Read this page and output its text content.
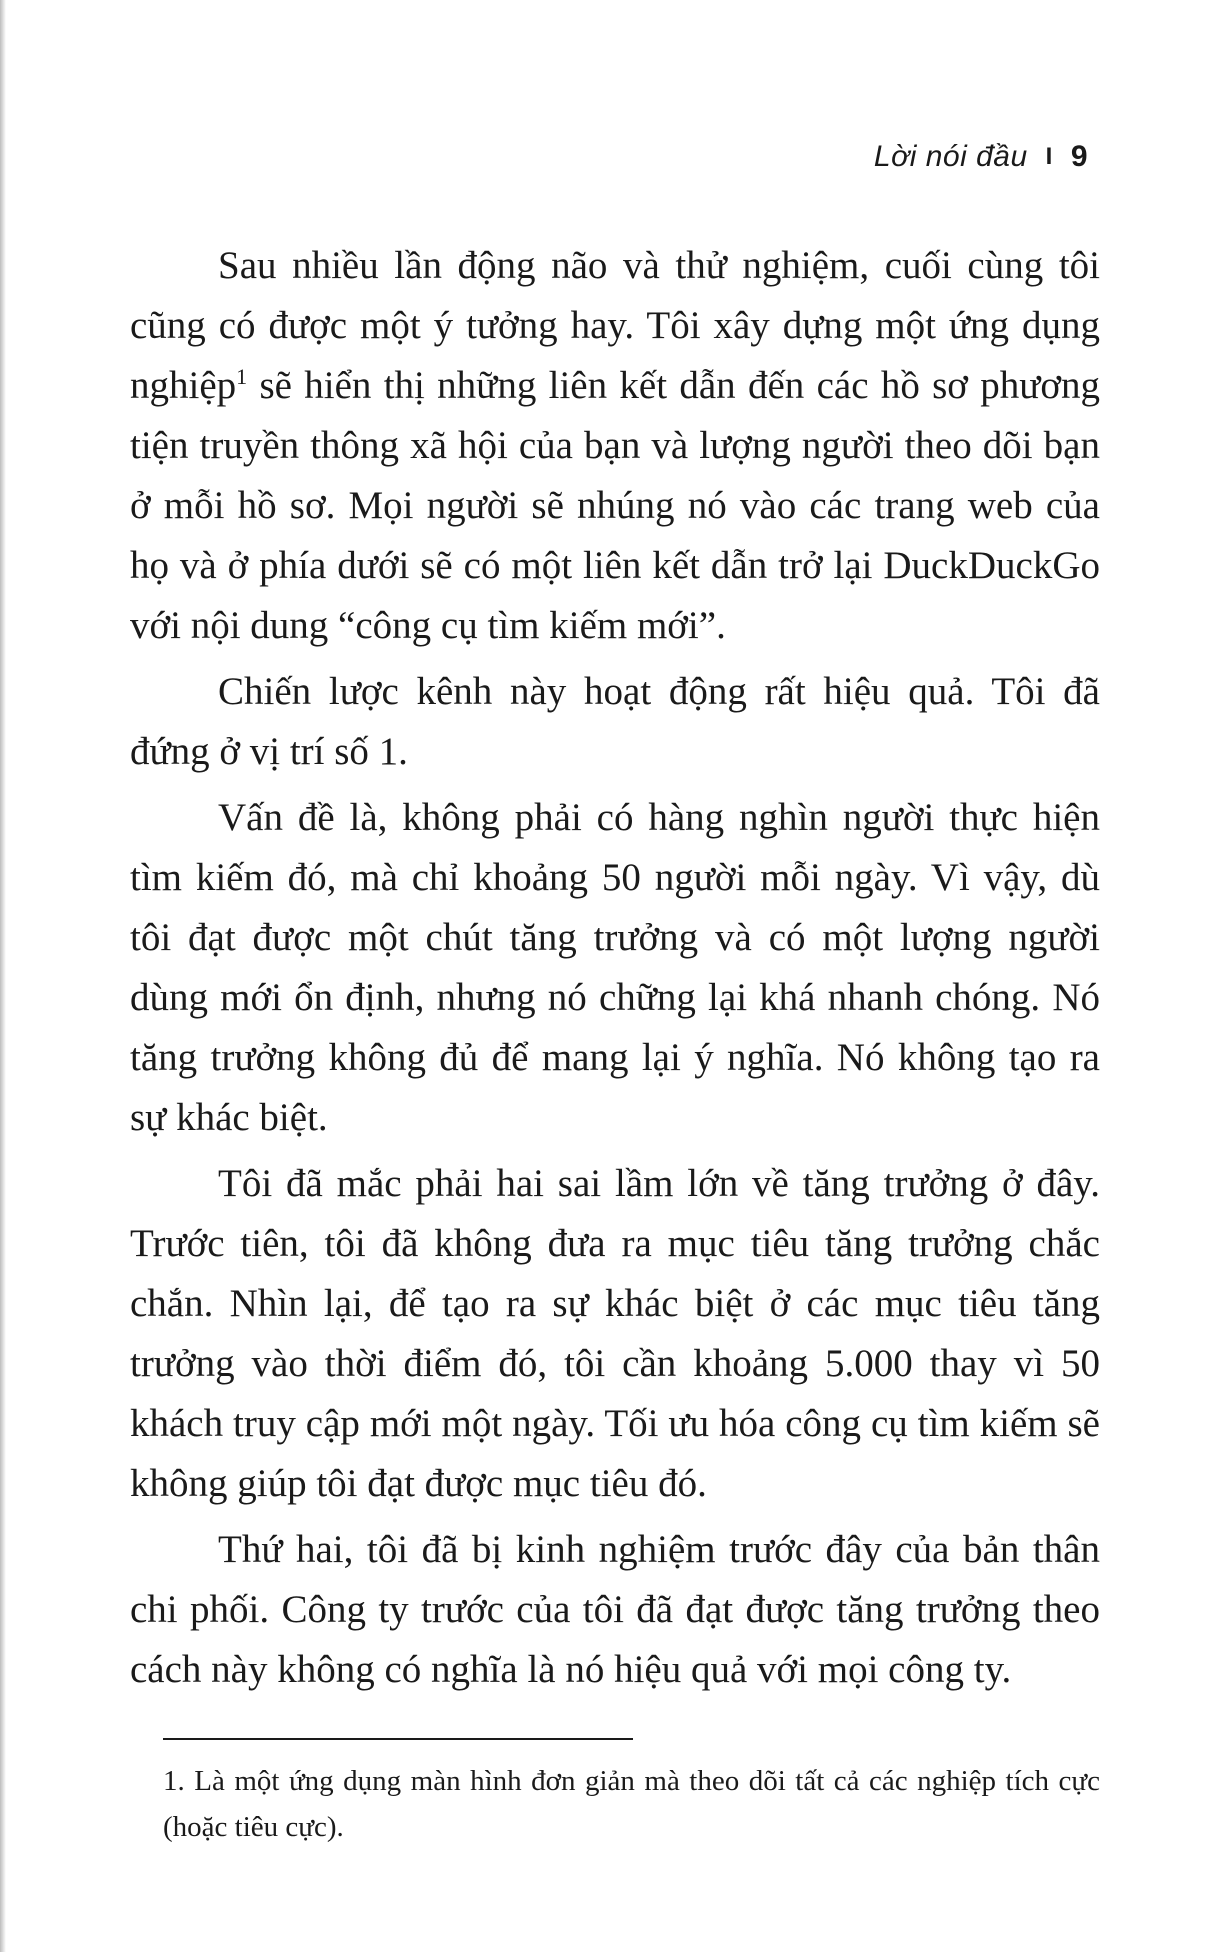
Lời nói đầu I 9

Sau nhiều lần động não và thử nghiệm, cuối cùng tôi cũng có được một ý tưởng hay. Tôi xây dựng một ứng dụng nghiệp$^1$ sẽ hiển thị những liên kết dẫn đến các hồ sơ phương tiện truyền thông xã hội của bạn và lượng người theo dõi bạn ở mỗi hồ sơ. Mọi người sẽ nhúng nó vào các trang web của họ và ở phía dưới sẽ có một liên kết dẫn trở lại DuckDuckGo với nội dung “công cụ tìm kiếm mới”.

Chiến lược kênh này hoạt động rất hiệu quả. Tôi đã đứng ở vị trí số 1.

Vấn đề là, không phải có hàng nghìn người thực hiện tìm kiếm đó, mà chỉ khoảng 50 người mỗi ngày. Vì vậy, dù tôi đạt được một chút tăng trưởng và có một lượng người dùng mới ổn định, nhưng nó chững lại khá nhanh chóng. Nó tăng trưởng không đủ để mang lại ý nghĩa. Nó không tạo ra sự khác biệt.

Tôi đã mắc phải hai sai lầm lớn về tăng trưởng ở đây. Trước tiên, tôi đã không đưa ra mục tiêu tăng trưởng chắc chắn. Nhìn lại, để tạo ra sự khác biệt ở các mục tiêu tăng trưởng vào thời điểm đó, tôi cần khoảng 5.000 thay vì 50 khách truy cập mới một ngày. Tối ưu hóa công cụ tìm kiếm sẽ không giúp tôi đạt được mục tiêu đó.

Thứ hai, tôi đã bị kinh nghiệm trước đây của bản thân chi phối. Công ty trước của tôi đã đạt được tăng trưởng theo cách này không có nghĩa là nó hiệu quả với mọi công ty.

1. Là một ứng dụng màn hình đơn giản mà theo dõi tất cả các nghiệp tích cực (hoặc tiêu cực).
